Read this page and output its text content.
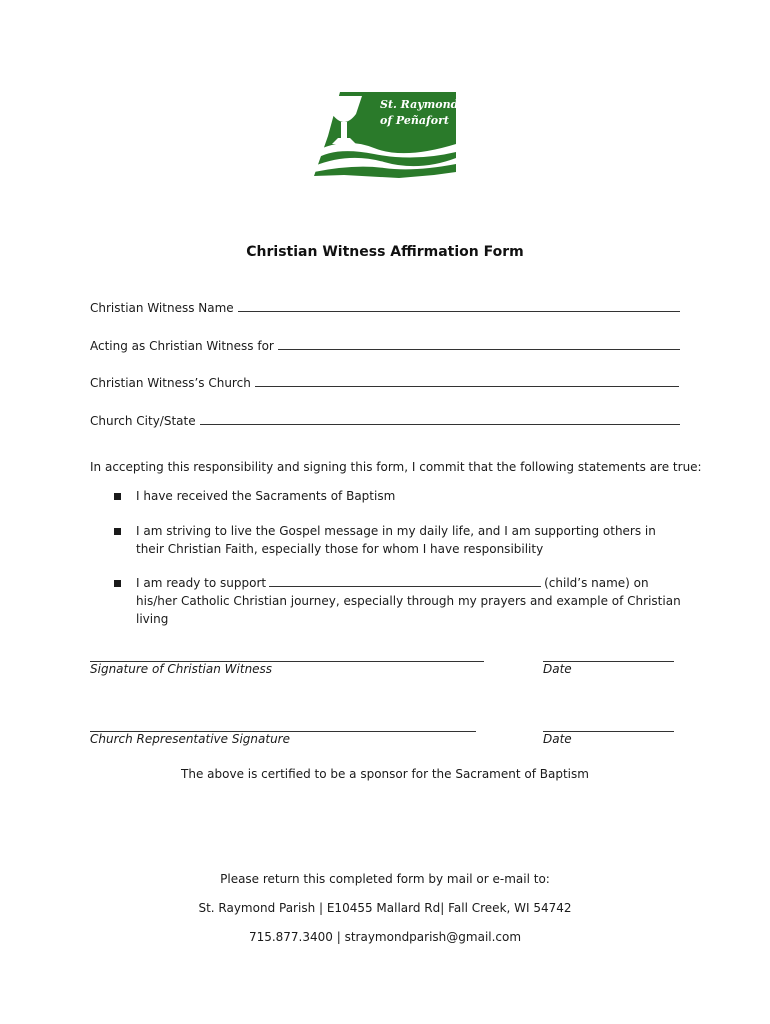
St. Raymond
of Peñafort
Christian Witness Affirmation Form
Christian Witness Name
Acting as Christian Witness for
Christian Witness’s Church
Church City/State
In accepting this responsibility and signing this form, I commit that the following statements are true:
I have received the Sacraments of Baptism
I am striving to live the Gospel message in my daily life, and I am supporting others in their Christian Faith, especially those for whom I have responsibility
I am ready to support	(child’s name) on his/her Catholic Christian journey, especially through my prayers and example of Christian living
Signature of Christian Witness	Date
Church Representative Signature	Date
The above is certified to be a sponsor for the Sacrament of Baptism
Please return this completed form by mail or e-mail to:
St. Raymond Parish | E10455 Mallard Rd| Fall Creek, WI 54742
715.877.3400 | straymondparish@gmail.com
